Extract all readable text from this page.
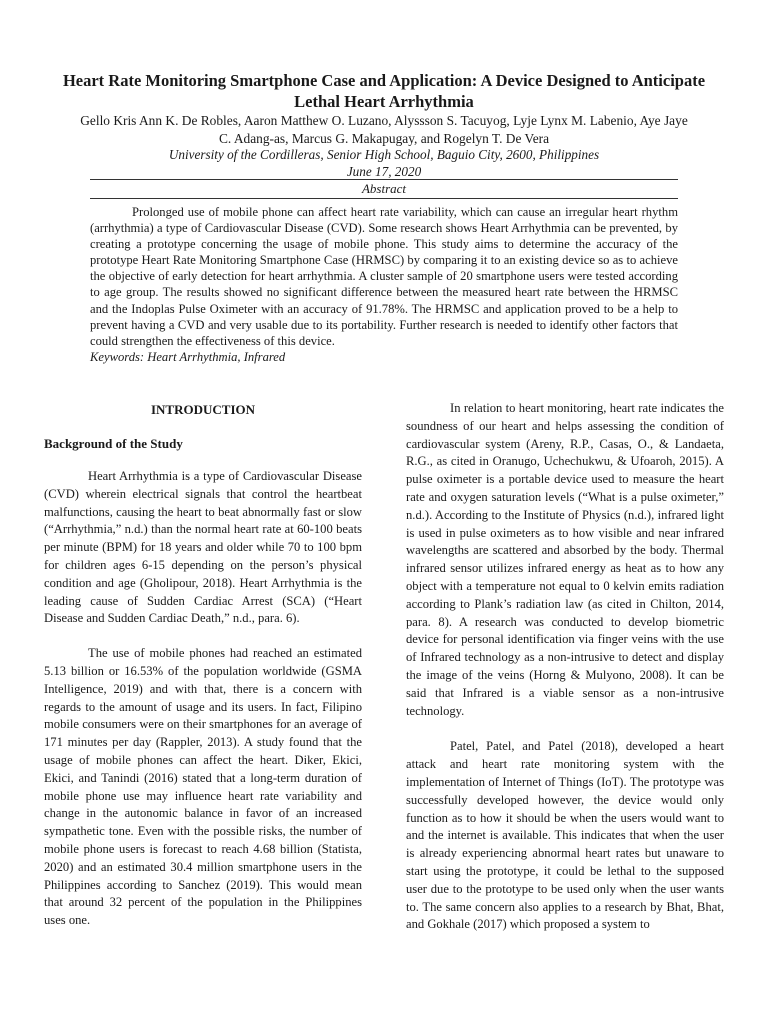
Heart Rate Monitoring Smartphone Case and Application: A Device Designed to Anticipate Lethal Heart Arrhythmia

Gello Kris Ann K. De Robles, Aaron Matthew O. Luzano, Alyssson S. Tacuyog, Lyje Lynx M. Labenio, Aye Jaye C. Adang-as, Marcus G. Makapugay, and Rogelyn T. De Vera

University of the Cordilleras, Senior High School, Baguio City, 2600, Philippines

June 17, 2020

Abstract

Prolonged use of mobile phone can affect heart rate variability, which can cause an irregular heart rhythm (arrhythmia) a type of Cardiovascular Disease (CVD). Some research shows Heart Arrhythmia can be prevented, by creating a prototype concerning the usage of mobile phone. This study aims to determine the accuracy of the prototype Heart Rate Monitoring Smartphone Case (HRMSC) by comparing it to an existing device so as to achieve the objective of early detection for heart arrhythmia. A cluster sample of 20 smartphone users were tested according to age group. The results showed no significant difference between the measured heart rate between the HRMSC and the Indoplas Pulse Oximeter with an accuracy of 91.78%. The HRMSC and application proved to be a help to prevent having a CVD and very usable due to its portability. Further research is needed to identify other factors that could strengthen the effectiveness of this device.

Keywords: Heart Arrhythmia, Infrared

INTRODUCTION
Background of the Study

Heart Arrhythmia is a type of Cardiovascular Disease (CVD) wherein electrical signals that control the heartbeat malfunctions, causing the heart to beat abnormally fast or slow (“Arrhythmia,” n.d.) than the normal heart rate at 60-100 beats per minute (BPM) for 18 years and older while 70 to 100 bpm for children ages 6-15 depending on the person’s physical condition and age (Gholipour, 2018). Heart Arrhythmia is the leading cause of Sudden Cardiac Arrest (SCA) (“Heart Disease and Sudden Cardiac Death,” n.d., para. 6).

The use of mobile phones had reached an estimated 5.13 billion or 16.53% of the population worldwide (GSMA Intelligence, 2019) and with that, there is a concern with regards to the amount of usage and its users. In fact, Filipino mobile consumers were on their smartphones for an average of 171 minutes per day (Rappler, 2013). A study found that the usage of mobile phones can affect the heart. Diker, Ekici, Ekici, and Tanindi (2016) stated that a long-term duration of mobile phone use may influence heart rate variability and change in the autonomic balance in favor of an increased sympathetic tone. Even with the possible risks, the number of mobile phone users is forecast to reach 4.68 billion (Statista, 2020) and an estimated 30.4 million smartphone users in the Philippines according to Sanchez (2019). This would mean that around 32 percent of the population in the Philippines uses one.

In relation to heart monitoring, heart rate indicates the soundness of our heart and helps assessing the condition of cardiovascular system (Areny, R.P., Casas, O., & Landaeta, R.G., as cited in Oranugo, Uchechukwu, & Ufoaroh, 2015). A pulse oximeter is a portable device used to measure the heart rate and oxygen saturation levels (“What is a pulse oximeter,” n.d.). According to the Institute of Physics (n.d.), infrared light is used in pulse oximeters as to how visible and near infrared wavelengths are scattered and absorbed by the body. Thermal infrared sensor utilizes infrared energy as heat as to how any object with a temperature not equal to 0 kelvin emits radiation according to Plank’s radiation law (as cited in Chilton, 2014, para. 8). A research was conducted to develop biometric device for personal identification via finger veins with the use of Infrared technology as a non-intrusive to detect and display the image of the veins (Horng & Mulyono, 2008). It can be said that Infrared is a viable sensor as a non-intrusive technology.

Patel, Patel, and Patel (2018), developed a heart attack and heart rate monitoring system with the implementation of Internet of Things (IoT). The prototype was successfully developed however, the device would only function as to how it should be when the users would want to and the internet is available. This indicates that when the user is already experiencing abnormal heart rates but unaware to start using the prototype, it could be lethal to the supposed user due to the prototype to be used only when the user wants to. The same concern also applies to a research by Bhat, Bhat, and Gokhale (2017) which proposed a system to
